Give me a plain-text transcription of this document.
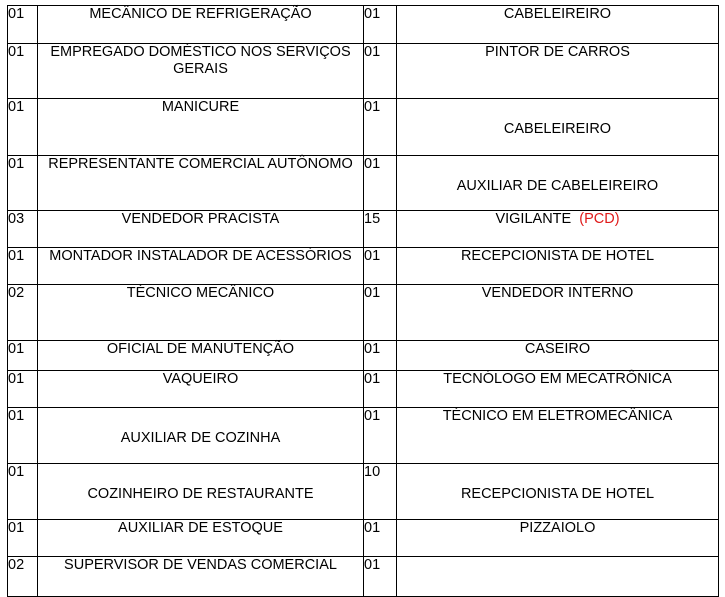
01	MECÂNICO DE REFRIGERAÇÃO	01	CABELEIREIRO
01	EMPREGADO DOMÉSTICO NOS SERVIÇOS GERAIS	01	PINTOR DE CARROS
01	MANICURE	01	CABELEIREIRO
01	REPRESENTANTE COMERCIAL AUTÔNOMO	01	AUXILIAR DE CABELEIREIRO
03	VENDEDOR PRACISTA	15	VIGILANTE (PCD)
01	MONTADOR INSTALADOR DE ACESSÓRIOS	01	RECEPCIONISTA DE HOTEL
02	TÉCNICO MECÂNICO	01	VENDEDOR INTERNO
01	OFICIAL DE MANUTENÇÃO	01	CASEIRO
01	VAQUEIRO	01	TECNÓLOGO EM MECATRÔNICA
01	AUXILIAR DE COZINHA	01	TÉCNICO EM ELETROMECÂNICA
01	COZINHEIRO DE RESTAURANTE	10	RECEPCIONISTA DE HOTEL
01	AUXILIAR DE ESTOQUE	01	PIZZAIOLO
02	SUPERVISOR DE VENDAS COMERCIAL	01	
